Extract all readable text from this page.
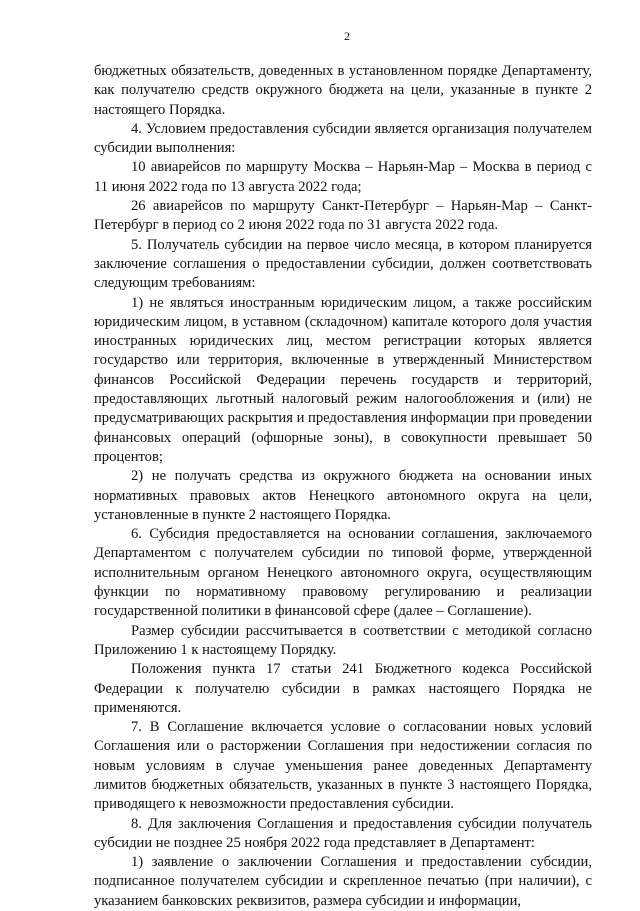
2

бюджетных обязательств, доведенных в установленном порядке Департаменту, как получателю средств окружного бюджета на цели, указанные в пункте 2 настоящего Порядка.

4. Условием предоставления субсидии является организация получателем субсидии выполнения:

10 авиарейсов по маршруту Москва – Нарьян-Мар – Москва в период с 11 июня 2022 года по 13 августа 2022 года;

26 авиарейсов по маршруту Санкт-Петербург – Нарьян-Мар – Санкт-Петербург в период со 2 июня 2022 года по 31 августа 2022 года.

5. Получатель субсидии на первое число месяца, в котором планируется заключение соглашения о предоставлении субсидии, должен соответствовать следующим требованиям:

1) не являться иностранным юридическим лицом, а также российским юридическим лицом, в уставном (складочном) капитале которого доля участия иностранных юридических лиц, местом регистрации которых является государство или территория, включенные в утвержденный Министерством финансов Российской Федерации перечень государств и территорий, предоставляющих льготный налоговый режим налогообложения и (или) не предусматривающих раскрытия и предоставления информации при проведении финансовых операций (офшорные зоны), в совокупности превышает 50 процентов;

2) не получать средства из окружного бюджета на основании иных нормативных правовых актов Ненецкого автономного округа на цели, установленные в пункте 2 настоящего Порядка.

6. Субсидия предоставляется на основании соглашения, заключаемого Департаментом с получателем субсидии по типовой форме, утвержденной исполнительным органом Ненецкого автономного округа, осуществляющим функции по нормативному правовому регулированию и реализации государственной политики в финансовой сфере (далее – Соглашение).

Размер субсидии рассчитывается в соответствии с методикой согласно Приложению 1 к настоящему Порядку.

Положения пункта 17 статьи 241 Бюджетного кодекса Российской Федерации к получателю субсидии в рамках настоящего Порядка не применяются.

7. В Соглашение включается условие о согласовании новых условий Соглашения или о расторжении Соглашения при недостижении согласия по новым условиям в случае уменьшения ранее доведенных Департаменту лимитов бюджетных обязательств, указанных в пункте 3 настоящего Порядка, приводящего к невозможности предоставления субсидии.

8. Для заключения Соглашения и предоставления субсидии получатель субсидии не позднее 25 ноября 2022 года представляет в Департамент:

1) заявление о заключении Соглашения и предоставлении субсидии, подписанное получателем субсидии и скрепленное печатью (при наличии), с указанием банковских реквизитов, размера субсидии и информации,
